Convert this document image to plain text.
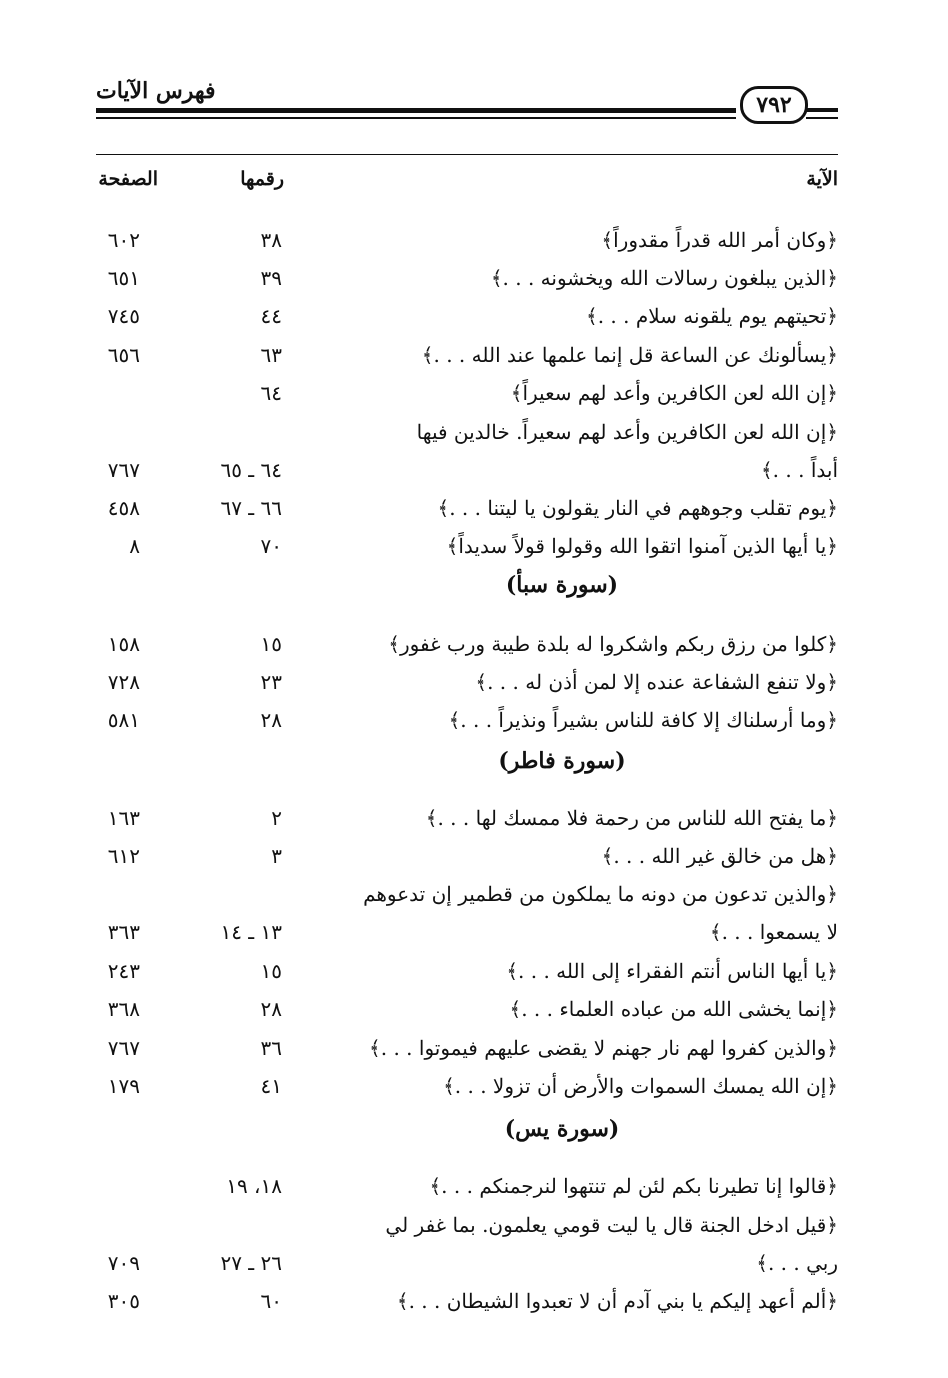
فهرس الآيات
٧٩٢
الآية
رقمها
الصفحة
﴿وكان أمر الله قدراً مقدوراً﴾
٣٨
٦٠٢
﴿الذين يبلغون رسالات الله ويخشونه . . .﴾
٣٩
٦٥١
﴿تحيتهم يوم يلقونه سلام . . .﴾
٤٤
٧٤٥
﴿يسألونك عن الساعة قل إنما علمها عند الله . . .﴾
٦٣
٦٥٦
﴿إن الله لعن الكافرين وأعد لهم سعيراً﴾
٦٤
﴿إن الله لعن الكافرين وأعد لهم سعيراً. خالدين فيها
أبداً . . .﴾
٦٤ ـ ٦٥
٧٦٧
﴿يوم تقلب وجوههم في النار يقولون يا ليتنا . . .﴾
٦٦ ـ ٦٧
٤٥٨
﴿يا أيها الذين آمنوا اتقوا الله وقولوا قولاً سديداً﴾
٧٠
٨
(سورة سبأ)
﴿كلوا من رزق ربكم واشكروا له بلدة طيبة ورب غفور﴾
١٥
١٥٨
﴿ولا تنفع الشفاعة عنده إلا لمن أذن له . . .﴾
٢٣
٧٢٨
﴿وما أرسلناك إلا كافة للناس بشيراً ونذيراً . . .﴾
٢٨
٥٨١
(سورة فاطر)
﴿ما يفتح الله للناس من رحمة فلا ممسك لها . . .﴾
٢
١٦٣
﴿هل من خالق غير الله . . .﴾
٣
٦١٢
﴿والذين تدعون من دونه ما يملكون من قطمير إن تدعوهم
لا يسمعوا . . .﴾
١٣ ـ ١٤
٣٦٣
﴿يا أيها الناس أنتم الفقراء إلى الله . . .﴾
١٥
٢٤٣
﴿إنما يخشى الله من عباده العلماء . . .﴾
٢٨
٣٦٨
﴿والذين كفروا لهم نار جهنم لا يقضى عليهم فيموتوا . . .﴾
٣٦
٧٦٧
﴿إن الله يمسك السموات والأرض أن تزولا . . .﴾
٤١
١٧٩
(سورة يس)
﴿قالوا إنا تطيرنا بكم لئن لم تنتهوا لنرجمنكم . . .﴾
١٨، ١٩
﴿قيل ادخل الجنة قال يا ليت قومي يعلمون. بما غفر لي
ربي . . .﴾
٢٦ ـ ٢٧
٧٠٩
﴿ألم أعهد إليكم يا بني آدم أن لا تعبدوا الشيطان . . .﴾
٦٠
٣٠٥
